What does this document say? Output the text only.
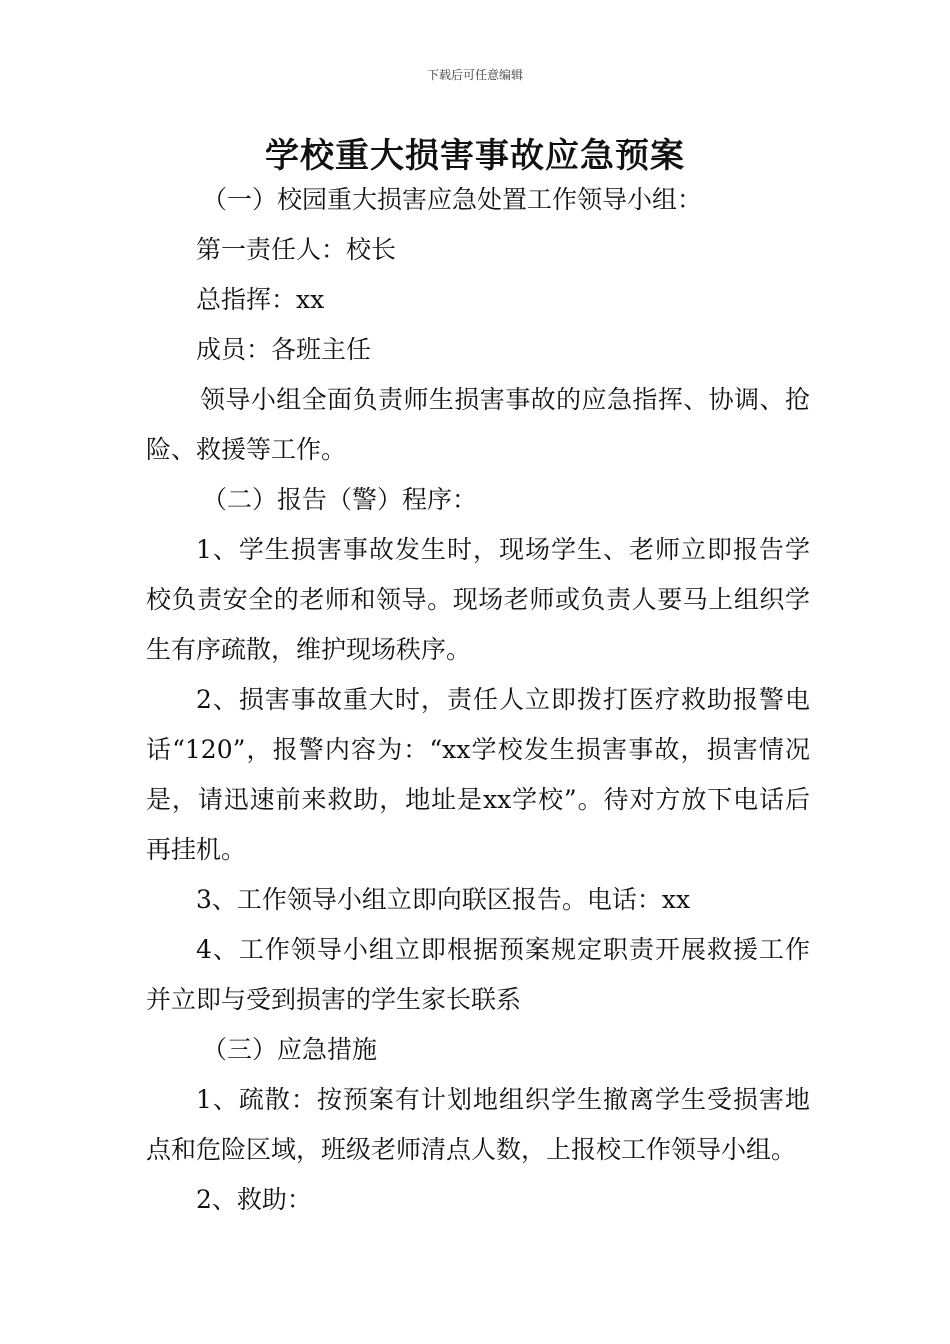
下载后可任意编辑
学校重大损害事故应急预案

（一）校园重大损害应急处置工作领导小组：

第一责任人：校长

总指挥：xx

成员：各班主任

领导小组全面负责师生损害事故的应急指挥、协调、抢险、救援等工作。

（二）报告（警）程序：

1、学生损害事故发生时，现场学生、老师立即报告学校负责安全的老师和领导。现场老师或负责人要马上组织学生有序疏散，维护现场秩序。

2、损害事故重大时，责任人立即拨打医疗救助报警电话“120”，报警内容为：“xx学校发生损害事故，损害情况是，请迅速前来救助，地址是xx学校”。待对方放下电话后再挂机。

3、工作领导小组立即向联区报告。电话：xx

4、工作领导小组立即根据预案规定职责开展救援工作并立即与受到损害的学生家长联系

（三）应急措施

1、疏散：按预案有计划地组织学生撤离学生受损害地点和危险区域，班级老师清点人数，上报校工作领导小组。

2、救助：
